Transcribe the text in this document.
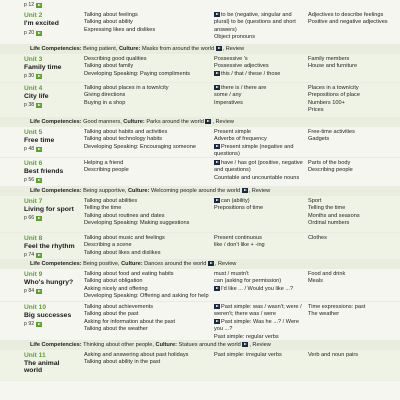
p 12
Unit 2
I'm excited
p 20
Talking about feelings
Talking about ability
Expressing likes and dislikes
to be (negative, singular and plural) to be (questions and short answers)
Object pronouns
Adjectives to describe feelings
Positive and negative adjectives
Life Competencies: Being patient, Culture: Masks from around the world , Review
Unit 3
Family time
p 30
Describing good qualities
Talking about family
Developing Speaking: Paying compliments
Possessive 's
Possessive adjectives
this / that / these / those
Family members
House and furniture
Unit 4
City life
p 38
Talking about places in a town/city
Giving directions
Buying in a shop
there is / there are
some / any
Imperatives
Places in a town/city
Prepositions of place
Numbers 100+
Prices
Life Competencies: Good manners, Culture: Parks around the world , Review
Unit 5
Free time
p 48
Talking about habits and activities
Talking about technology habits
Developing Speaking: Encouraging someone
Present simple
Adverbs of frequency
Present simple (negative and questions)
Free-time activities
Gadgets
Unit 6
Best friends
p 56
Helping a friend
Describing people
have / has got (positive, negative and questions)
Countable and uncountable nouns
Parts of the body
Describing people
Life Competencies: Being supportive, Culture: Welcoming people around the world , Review
Unit 7
Living for sport
p 66
Talking about abilities
Telling the time
Talking about routines and dates
Developing Speaking: Making suggestions
can (ability)
Prepositions of time
Sport
Telling the time
Months and seasons
Ordinal numbers
Unit 8
Feel the rhythm
p 74
Talking about music and feelings
Describing a scene
Talking about likes and dislikes
Present continuous
like / don't like + -ing
Clothes
Life Competencies: Being positive, Culture: Dances around the world , Review
Unit 9
Who's hungry?
p 84
Talking about food and eating habits
Talking about obligation
Asking nicely and offering
Developing Speaking: Offering and asking for help
must / mustn't
can (asking for permission)
I'd like ... / Would you like ...?
Food and drink
Meals
Unit 10
Big successes
p 92
Talking about achievements
Talking about the past
Asking for information about the past
Talking about the weather
Past simple: was / wasn't; were / weren't; there was / were
Past simple: Was he ...? / Were you ...?
Past simple: regular verbs
Time expressions: past
The weather
Life Competencies: Thinking about other people, Culture: Statues around the world , Review
Unit 11
The animal world
Asking and answering about past holidays
Talking about ability in the past
Past simple: irregular verbs	Verb and noun pairs
